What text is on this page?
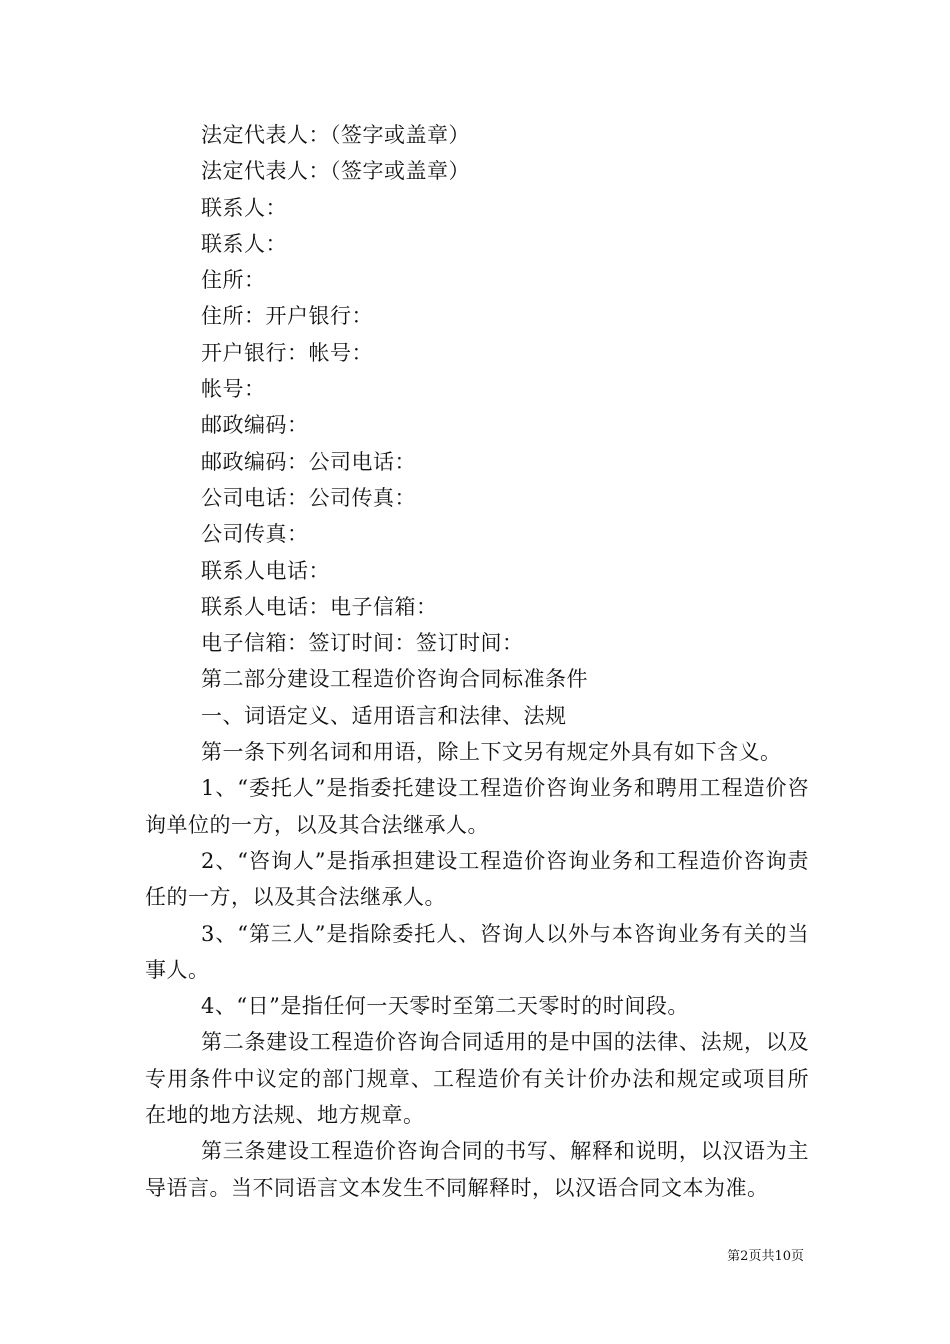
法定代表人：（签字或盖章）
法定代表人：（签字或盖章）
联系人：
联系人：
住所：
住所：开户银行：
开户银行：帐号：
帐号：
邮政编码：
邮政编码：公司电话：
公司电话：公司传真：
公司传真：
联系人电话：
联系人电话：电子信箱：
电子信箱：签订时间：签订时间：
第二部分建设工程造价咨询合同标准条件
一、词语定义、适用语言和法律、法规
第一条下列名词和用语，除上下文另有规定外具有如下含义。

1、“委托人”是指委托建设工程造价咨询业务和聘用工程造价咨询单位的一方，以及其合法继承人。

2、“咨询人”是指承担建设工程造价咨询业务和工程造价咨询责任的一方，以及其合法继承人。

3、“第三人”是指除委托人、咨询人以外与本咨询业务有关的当事人。

4、“日”是指任何一天零时至第二天零时的时间段。

第二条建设工程造价咨询合同适用的是中国的法律、法规，以及专用条件中议定的部门规章、工程造价有关计价办法和规定或项目所在地的地方法规、地方规章。

第三条建设工程造价咨询合同的书写、解释和说明，以汉语为主导语言。当不同语言文本发生不同解释时，以汉语合同文本为准。

第2页共10页
